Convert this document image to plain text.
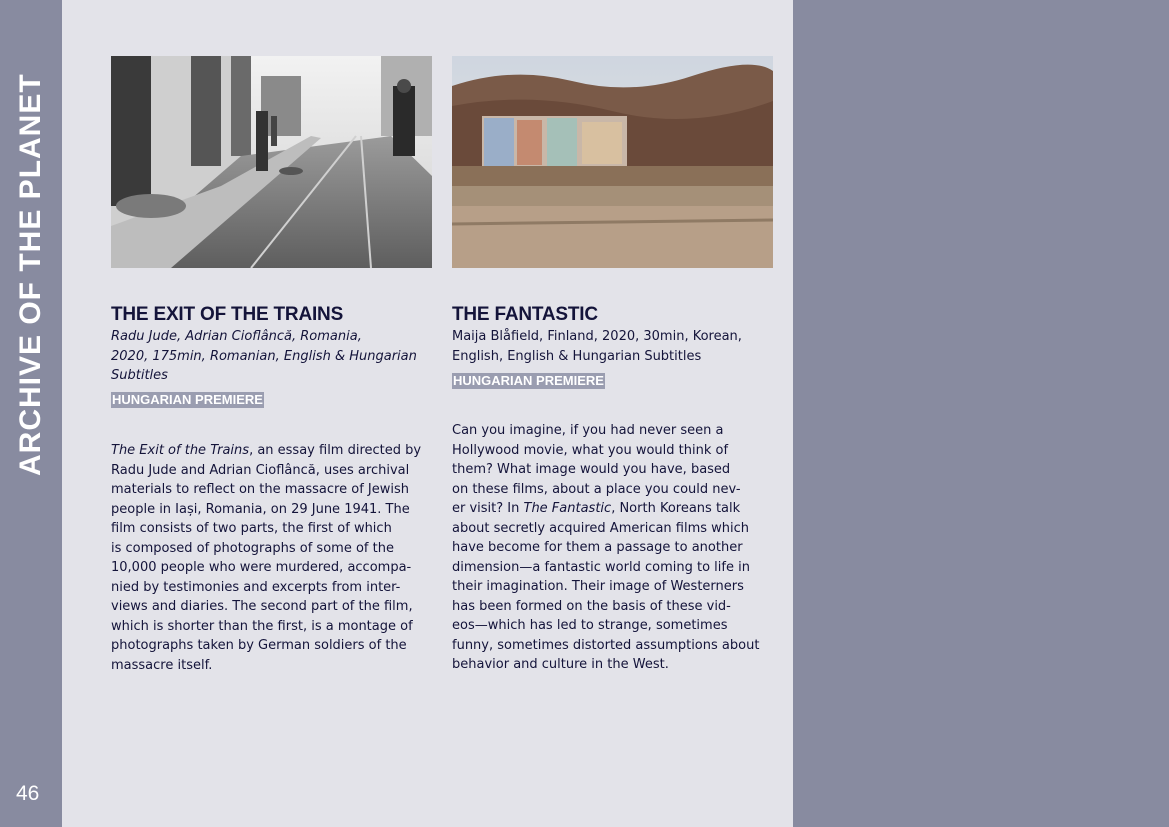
ARCHIVE OF THE PLANET
46
THE EXIT OF THE TRAINS
Radu Jude, Adrian Cioflâncă, Romania,
2020, 175min, Romanian, English & Hungarian
Subtitles
HUNGARIAN PREMIERE

The Exit of the Trains, an essay film directed by

Radu Jude and Adrian Cioflâncă, uses archival

materials to reflect on the massacre of Jewish

people in Iași, Romania, on 29 June 1941. The

film consists of two parts, the first of which

is composed of photographs of some of the

10,000 people who were murdered, accompa-

nied by testimonies and excerpts from inter-

views and diaries. The second part of the film,

which is shorter than the first, is a montage of

photographs taken by German soldiers of the

massacre itself.

THE FANTASTIC
Maija Blåfield, Finland, 2020, 30min, Korean,
English, English & Hungarian Subtitles
HUNGARIAN PREMIERE

Can you imagine, if you had never seen a

Hollywood movie, what you would think of

them? What image would you have, based

on these films, about a place you could nev-

er visit? In The Fantastic, North Koreans talk

about secretly acquired American films which

have become for them a passage to another

dimension—a fantastic world coming to life in

their imagination. Their image of Westerners

has been formed on the basis of these vid-

eos—which has led to strange, sometimes

funny, sometimes distorted assumptions about

behavior and culture in the West.
